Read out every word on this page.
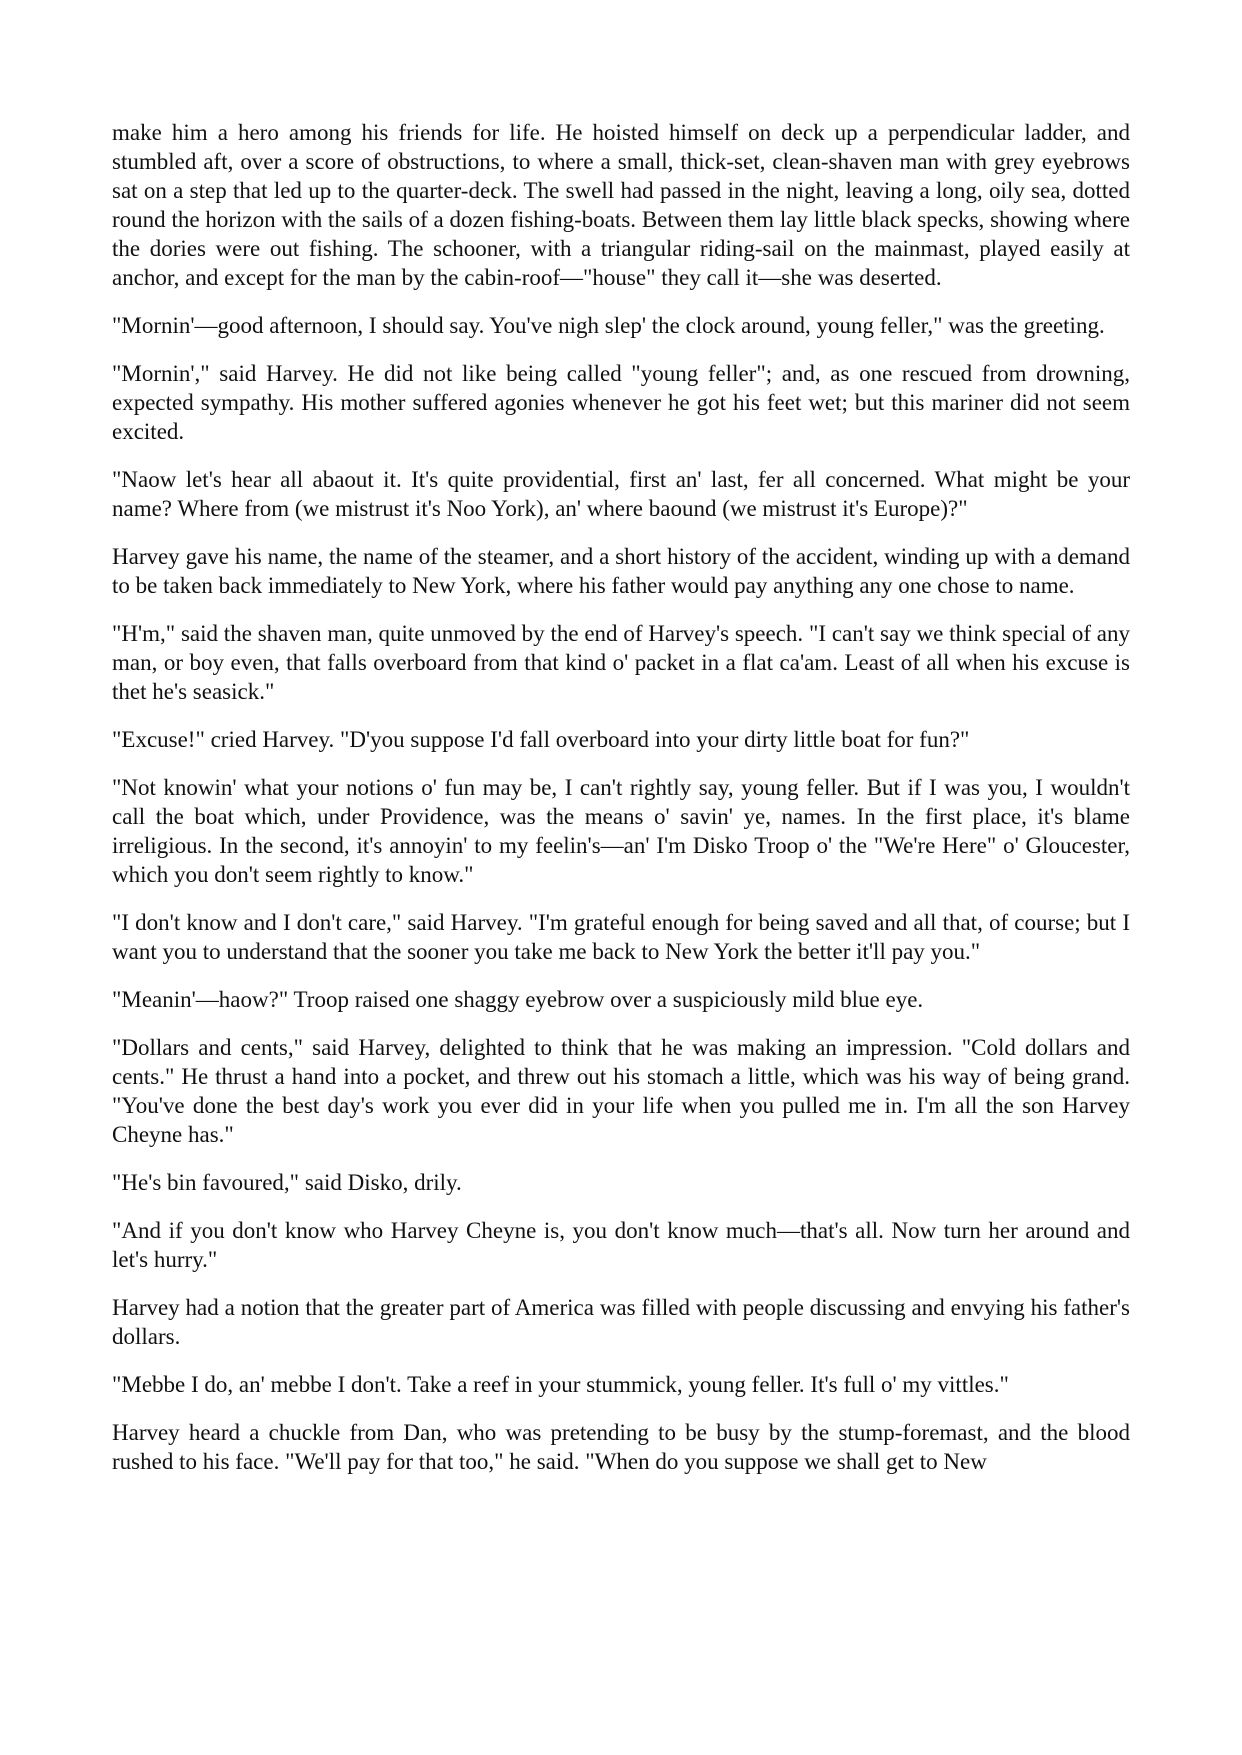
make him a hero among his friends for life. He hoisted himself on deck up a perpendicular ladder, and stumbled aft, over a score of obstructions, to where a small, thick-set, clean-shaven man with grey eyebrows sat on a step that led up to the quarter-deck. The swell had passed in the night, leaving a long, oily sea, dotted round the horizon with the sails of a dozen fishing-boats. Between them lay little black specks, showing where the dories were out fishing. The schooner, with a triangular riding-sail on the mainmast, played easily at anchor, and except for the man by the cabin-roof—"house" they call it—she was deserted.

"Mornin'—good afternoon, I should say. You've nigh slep' the clock around, young feller," was the greeting.

"Mornin'," said Harvey. He did not like being called "young feller"; and, as one rescued from drowning, expected sympathy. His mother suffered agonies whenever he got his feet wet; but this mariner did not seem excited.

"Naow let's hear all abaout it. It's quite providential, first an' last, fer all concerned. What might be your name? Where from (we mistrust it's Noo York), an' where baound (we mistrust it's Europe)?"

Harvey gave his name, the name of the steamer, and a short history of the accident, winding up with a demand to be taken back immediately to New York, where his father would pay anything any one chose to name.

"H'm," said the shaven man, quite unmoved by the end of Harvey's speech. "I can't say we think special of any man, or boy even, that falls overboard from that kind o' packet in a flat ca'am. Least of all when his excuse is thet he's seasick."

"Excuse!" cried Harvey. "D'you suppose I'd fall overboard into your dirty little boat for fun?"

"Not knowin' what your notions o' fun may be, I can't rightly say, young feller. But if I was you, I wouldn't call the boat which, under Providence, was the means o' savin' ye, names. In the first place, it's blame irreligious. In the second, it's annoyin' to my feelin's—an' I'm Disko Troop o' the "We're Here" o' Gloucester, which you don't seem rightly to know."

"I don't know and I don't care," said Harvey. "I'm grateful enough for being saved and all that, of course; but I want you to understand that the sooner you take me back to New York the better it'll pay you."

"Meanin'—haow?" Troop raised one shaggy eyebrow over a suspiciously mild blue eye.

"Dollars and cents," said Harvey, delighted to think that he was making an impression. "Cold dollars and cents." He thrust a hand into a pocket, and threw out his stomach a little, which was his way of being grand. "You've done the best day's work you ever did in your life when you pulled me in. I'm all the son Harvey Cheyne has."

"He's bin favoured," said Disko, drily.

"And if you don't know who Harvey Cheyne is, you don't know much—that's all. Now turn her around and let's hurry."

Harvey had a notion that the greater part of America was filled with people discussing and envying his father's dollars.

"Mebbe I do, an' mebbe I don't. Take a reef in your stummick, young feller. It's full o' my vittles."

Harvey heard a chuckle from Dan, who was pretending to be busy by the stump-foremast, and the blood rushed to his face. "We'll pay for that too," he said. "When do you suppose we shall get to New
